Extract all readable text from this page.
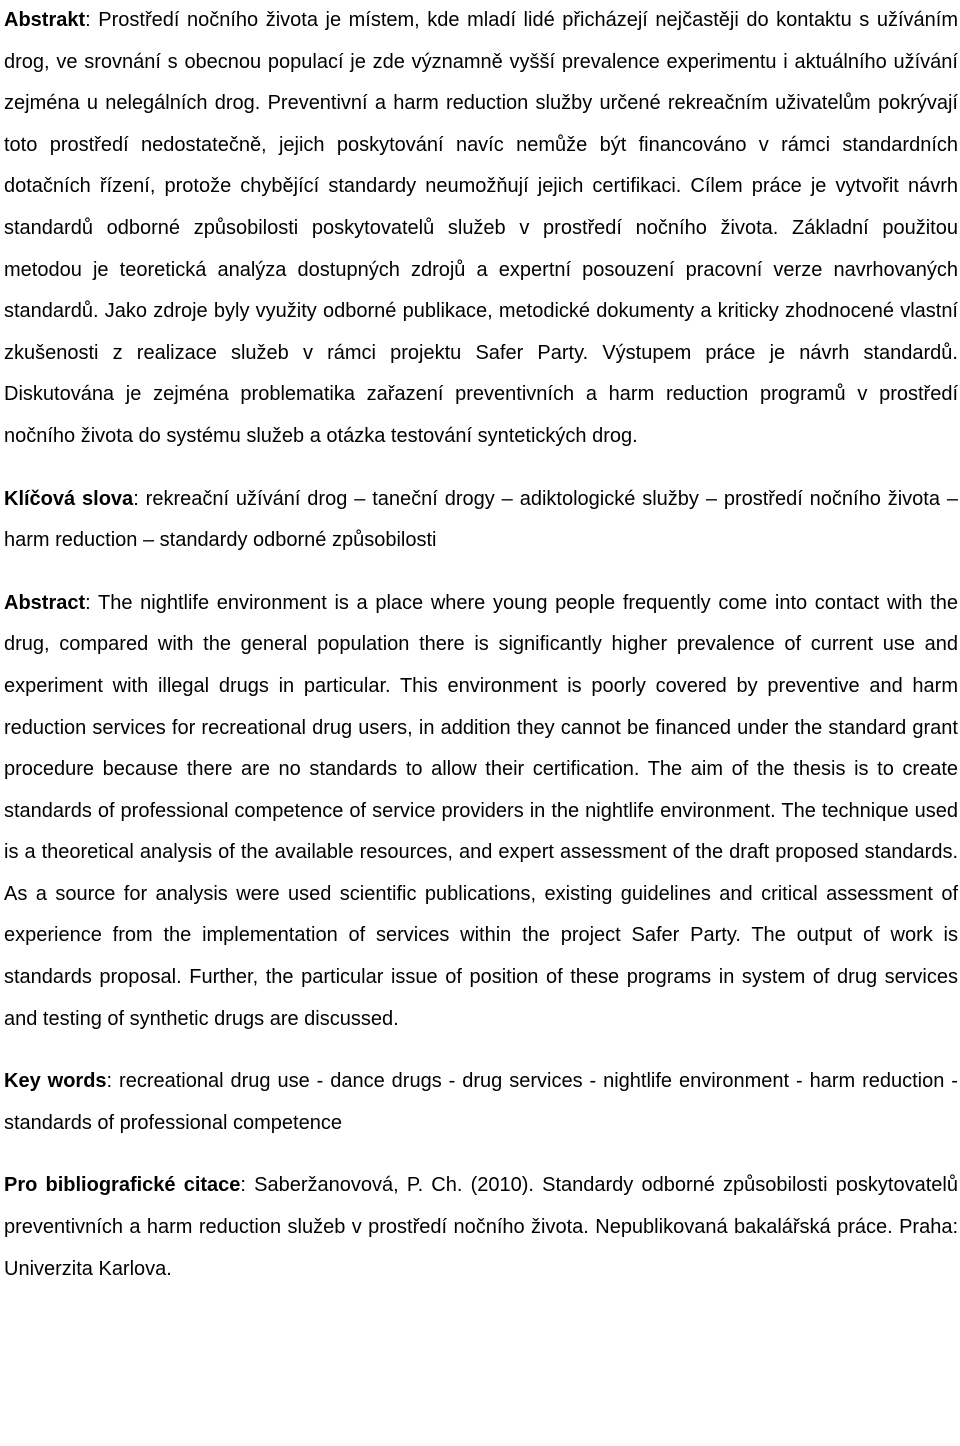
Abstrakt: Prostředí nočního života je místem, kde mladí lidé přicházejí nejčastěji do kontaktu s užíváním drog, ve srovnání s obecnou populací je zde významně vyšší prevalence experimentu i aktuálního užívání zejména u nelegálních drog. Preventivní a harm reduction služby určené rekreačním uživatelům pokrývají toto prostředí nedostatečně, jejich poskytování navíc nemůže být financováno v rámci standardních dotačních řízení, protože chybějící standardy neumožňují jejich certifikaci. Cílem práce je vytvořit návrh standardů odborné způsobilosti poskytovatelů služeb v prostředí nočního života. Základní použitou metodou je teoretická analýza dostupných zdrojů a expertní posouzení pracovní verze navrhovaných standardů. Jako zdroje byly využity odborné publikace, metodické dokumenty a kriticky zhodnocené vlastní zkušenosti z realizace služeb v rámci projektu Safer Party. Výstupem práce je návrh standardů. Diskutována je zejména problematika zařazení preventivních a harm reduction programů v prostředí nočního života do systému služeb a otázka testování syntetických drog.

Klíčová slova: rekreační užívání drog – taneční drogy – adiktologické služby – prostředí nočního života – harm reduction – standardy odborné způsobilosti

Abstract: The nightlife environment is a place where young people frequently come into contact with the drug, compared with the general population there is significantly higher prevalence of current use and experiment with illegal drugs in particular. This environment is poorly covered by preventive and harm reduction services for recreational drug users, in addition they cannot be financed under the standard grant procedure because there are no standards to allow their certification. The aim of the thesis is to create standards of professional competence of service providers in the nightlife environment. The technique used is a theoretical analysis of the available resources, and expert assessment of the draft proposed standards. As a source for analysis were used scientific publications, existing guidelines and critical assessment of experience from the implementation of services within the project Safer Party. The output of work is standards proposal. Further, the particular issue of position of these programs in system of drug services and testing of synthetic drugs are discussed.

Key words: recreational drug use - dance drugs - drug services - nightlife environment - harm reduction - standards of professional competence

Pro bibliografické citace: Saberžanovová, P. Ch. (2010). Standardy odborné způsobilosti poskytovatelů preventivních a harm reduction služeb v prostředí nočního života. Nepublikovaná bakalářská práce. Praha: Univerzita Karlova.
